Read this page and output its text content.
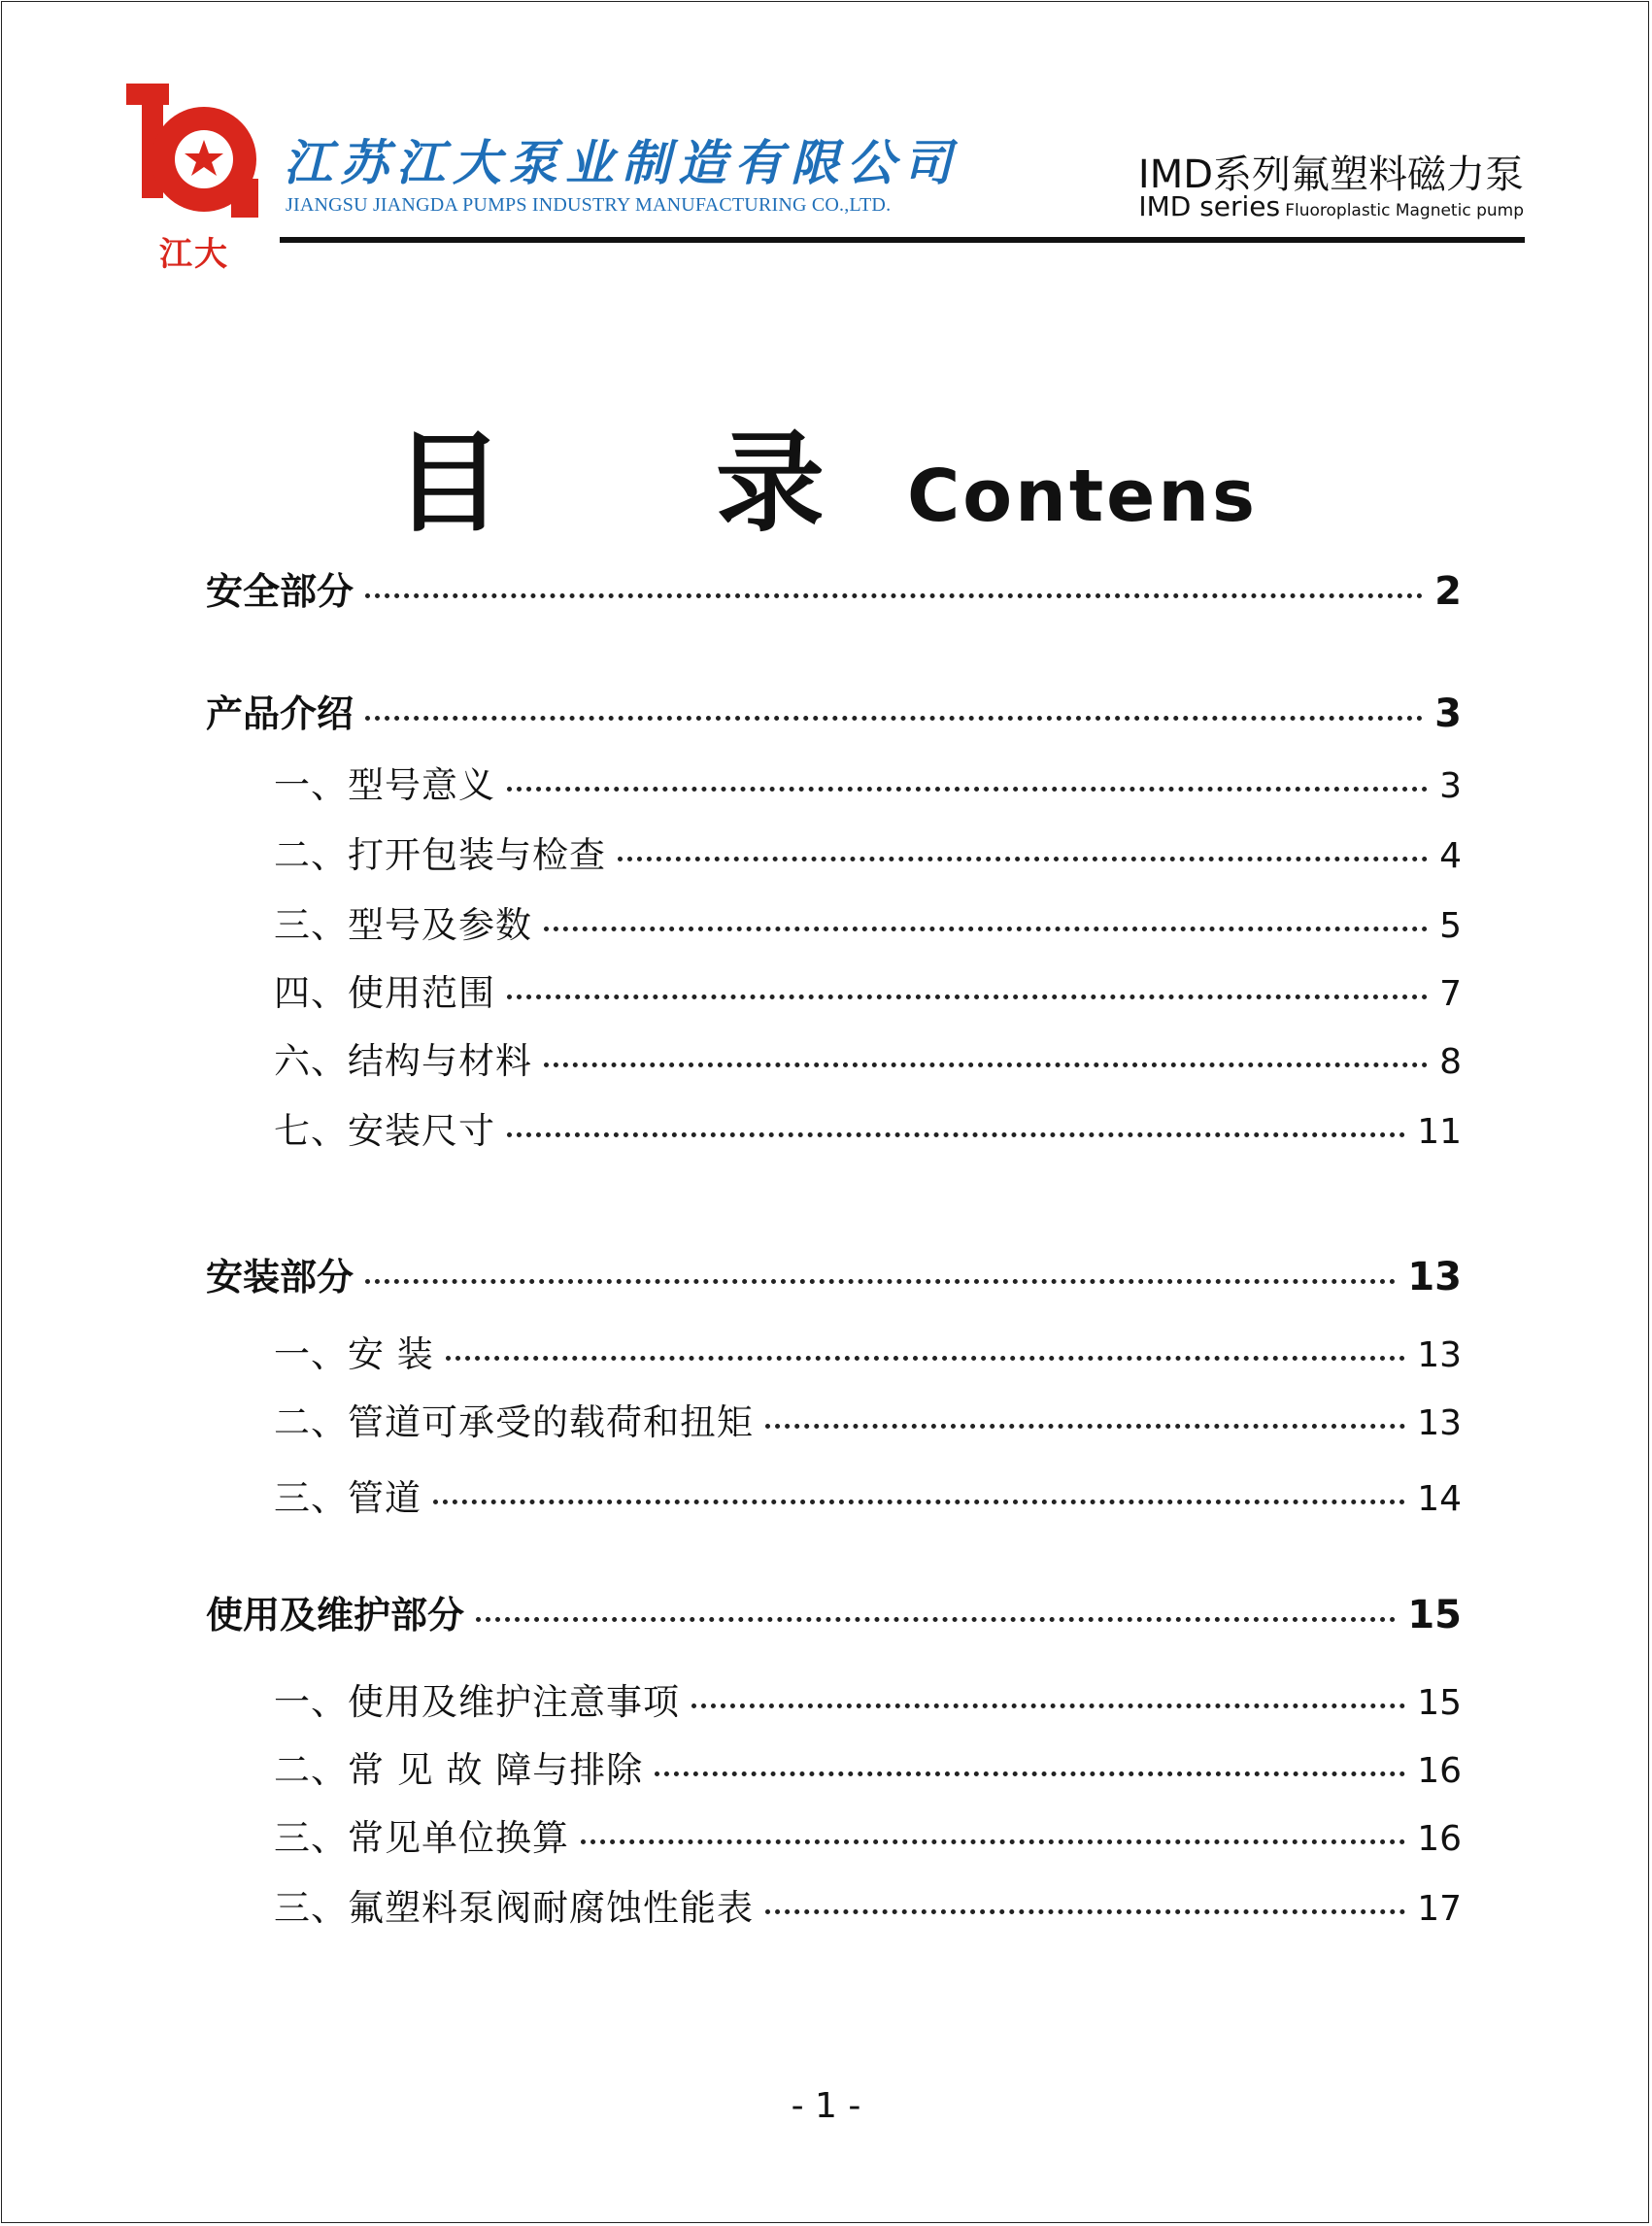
江大
江苏江大泵业制造有限公司
JIANGSU JIANGDA PUMPS INDUSTRY MANUFACTURING CO.,LTD.
IMD系列氟塑料磁力泵
IMD series Fluoroplastic Magnetic pump
目 录 Contens
安全部分	2
产品介绍	3
一、型号意义	3
二、打开包装与检查	4
三、型号及参数	5
四、使用范围	7
六、结构与材料	8
七、安装尺寸	11
安装部分	13
一、安 装	13
二、管道可承受的载荷和扭矩	13
三、管道	14
使用及维护部分	15
一、使用及维护注意事项	15
二、常 见 故 障与排除	16
三、常见单位换算	16
三、氟塑料泵阀耐腐蚀性能表	17
- 1 -
